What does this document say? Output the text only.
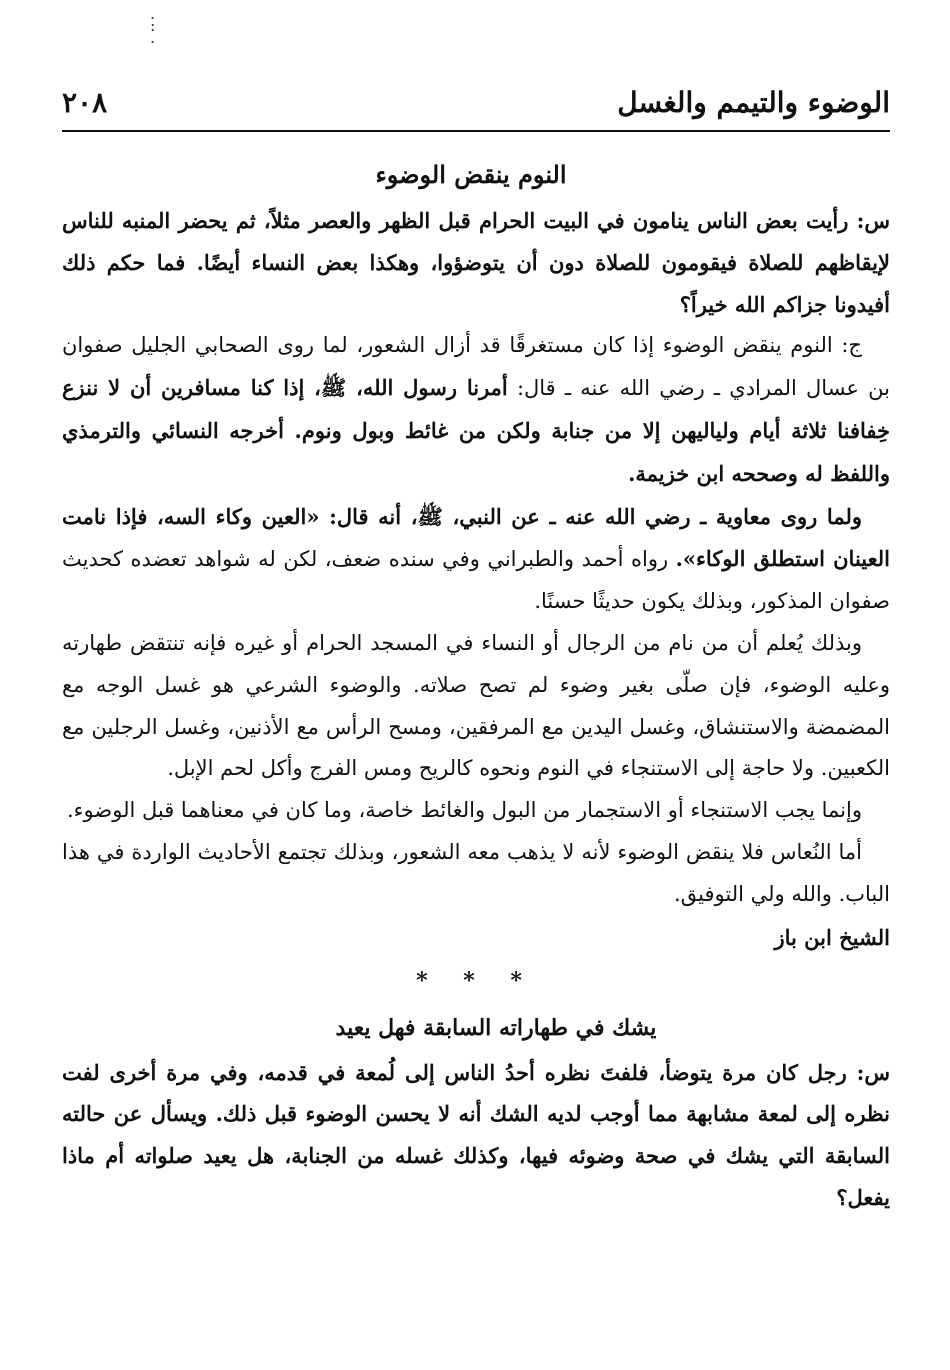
.
:
.
الوضوء والتيمم والغسل
٢٠٨
النوم ينقض الوضوء

س: رأيت بعض الناس ينامون في البيت الحرام قبل الظهر والعصر مثلاً، ثم يحضر المنبه للناس لإيقاظهم للصلاة فيقومون للصلاة دون أن يتوضؤوا، وهكذا بعض النساء أيضًا. فما حكم ذلك أفيدونا جزاكم الله خيراً؟

ج: النوم ينقض الوضوء إذا كان مستغرقًا قد أزال الشعور، لما روى الصحابي الجليل صفوان بن عسال المرادي ـ رضي الله عنه ـ قال: أمرنا رسول الله، ﷺ، إذا كنا مسافرين أن لا ننزع خِفافنا ثلاثة أيام ولياليهن إلا من جنابة ولكن من غائط وبول ونوم. أخرجه النسائي والترمذي واللفظ له وصححه ابن خزيمة.

ولما روى معاوية ـ رضي الله عنه ـ عن النبي، ﷺ، أنه قال: «العين وكاء السه، فإذا نامت العينان استطلق الوكاء». رواه أحمد والطبراني وفي سنده ضعف، لكن له شواهد تعضده كحديث صفوان المذكور، وبذلك يكون حديثًا حسنًا.

وبذلك يُعلم أن من نام من الرجال أو النساء في المسجد الحرام أو غيره فإنه تنتقض طهارته وعليه الوضوء، فإن صلّى بغير وضوء لم تصح صلاته. والوضوء الشرعي هو غسل الوجه مع المضمضة والاستنشاق، وغسل اليدين مع المرفقين، ومسح الرأس مع الأذنين، وغسل الرجلين مع الكعبين. ولا حاجة إلى الاستنجاء في النوم ونحوه كالريح ومس الفرج وأكل لحم الإبل.

وإنما يجب الاستنجاء أو الاستجمار من البول والغائط خاصة، وما كان في معناهما قبل الوضوء.

أما النُعاس فلا ينقض الوضوء لأنه لا يذهب معه الشعور، وبذلك تجتمع الأحاديث الواردة في هذا الباب. والله ولي التوفيق.

الشيخ ابن باز
* * *
يشك في طهاراته السابقة فهل يعيد

س: رجل كان مرة يتوضأ، فلفتَ نظره أحدُ الناس إلى لُمعة في قدمه، وفي مرة أخرى لفت نظره إلى لمعة مشابهة مما أوجب لديه الشك أنه لا يحسن الوضوء قبل ذلك. ويسأل عن حالته السابقة التي يشك في صحة وضوئه فيها، وكذلك غسله من الجنابة، هل يعيد صلواته أم ماذا يفعل؟
